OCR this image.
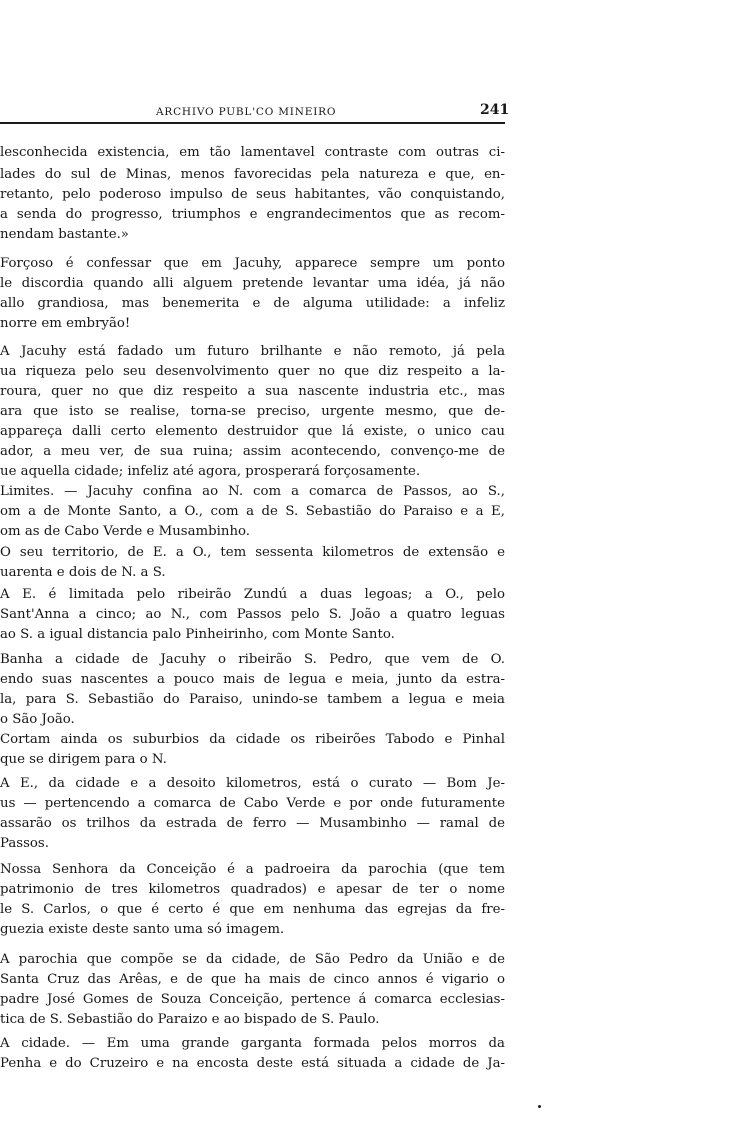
ARCHIVO PUBL'CO MINEIRO	241
lesconhecida existencia, em tão lamentavel contraste com outras ci-
lades do sul de Minas, menos favorecidas pela natureza e que, en-
retanto, pelo poderoso impulso de seus habitantes, vão conquistando,
a senda do progresso, triumphos e engrandecimentos que as recom-
nendam bastante.»
Forçoso é confessar que em Jacuhy, apparece sempre um ponto
le discordia quando alli alguem pretende levantar uma idéa, já não
allo grandiosa, mas benemerita e de alguma utilidade: a infeliz
norre em embryão!
A Jacuhy está fadado um futuro brilhante e não remoto, já pela
ua riqueza pelo seu desenvolvimento quer no que diz respeito a la-
roura, quer no que diz respeito a sua nascente industria etc., mas
ara que isto se realise, torna-se preciso, urgente mesmo, que de-
appareça dalli certo elemento destruidor que lá existe, o unico cau
ador, a meu ver, de sua ruina; assim acontecendo, convenço-me de
ue aquella cidade; infeliz até agora, prosperará forçosamente.
Limites. — Jacuhy confina ao N. com a comarca de Passos, ao S.,
om a de Monte Santo, a O., com a de S. Sebastião do Paraiso e a E,
om as de Cabo Verde e Musambinho.
O seu territorio, de E. a O., tem sessenta kilometros de extensão e
uarenta e dois de N. a S.
A E. é limitada pelo ribeirão Zundú a duas legoas; a O., pelo
Sant'Anna a cinco; ao N., com Passos pelo S. João a quatro leguas
ao S. a igual distancia palo Pinheirinho, com Monte Santo.
Banha a cidade de Jacuhy o ribeirão S. Pedro, que vem de O.
endo suas nascentes a pouco mais de legua e meia, junto da estra-
la, para S. Sebastião do Paraiso, unindo-se tambem a legua e meia
o São João.
Cortam ainda os suburbios da cidade os ribeirões Tabodo e Pinhal
que se dirigem para o N.
A E., da cidade e a desoito kilometros, está o curato — Bom Je-
us — pertencendo a comarca de Cabo Verde e por onde futuramente
assarão os trilhos da estrada de ferro — Musambinho — ramal de
Passos.
Nossa Senhora da Conceição é a padroeira da parochia (que tem
patrimonio de tres kilometros quadrados) e apesar de ter o nome
le S. Carlos, o que é certo é que em nenhuma das egrejas da fre-
guezia existe deste santo uma só imagem.
A parochia que compõe se da cidade, de São Pedro da União e de
Santa Cruz das Arêas, e de que ha mais de cinco annos é vigario o
padre José Gomes de Souza Conceição, pertence á comarca ecclesias-
tica de S. Sebastião do Paraizo e ao bispado de S. Paulo.
A cidade. — Em uma grande garganta formada pelos morros da
Penha e do Cruzeiro e na encosta deste está situada a cidade de Ja-
